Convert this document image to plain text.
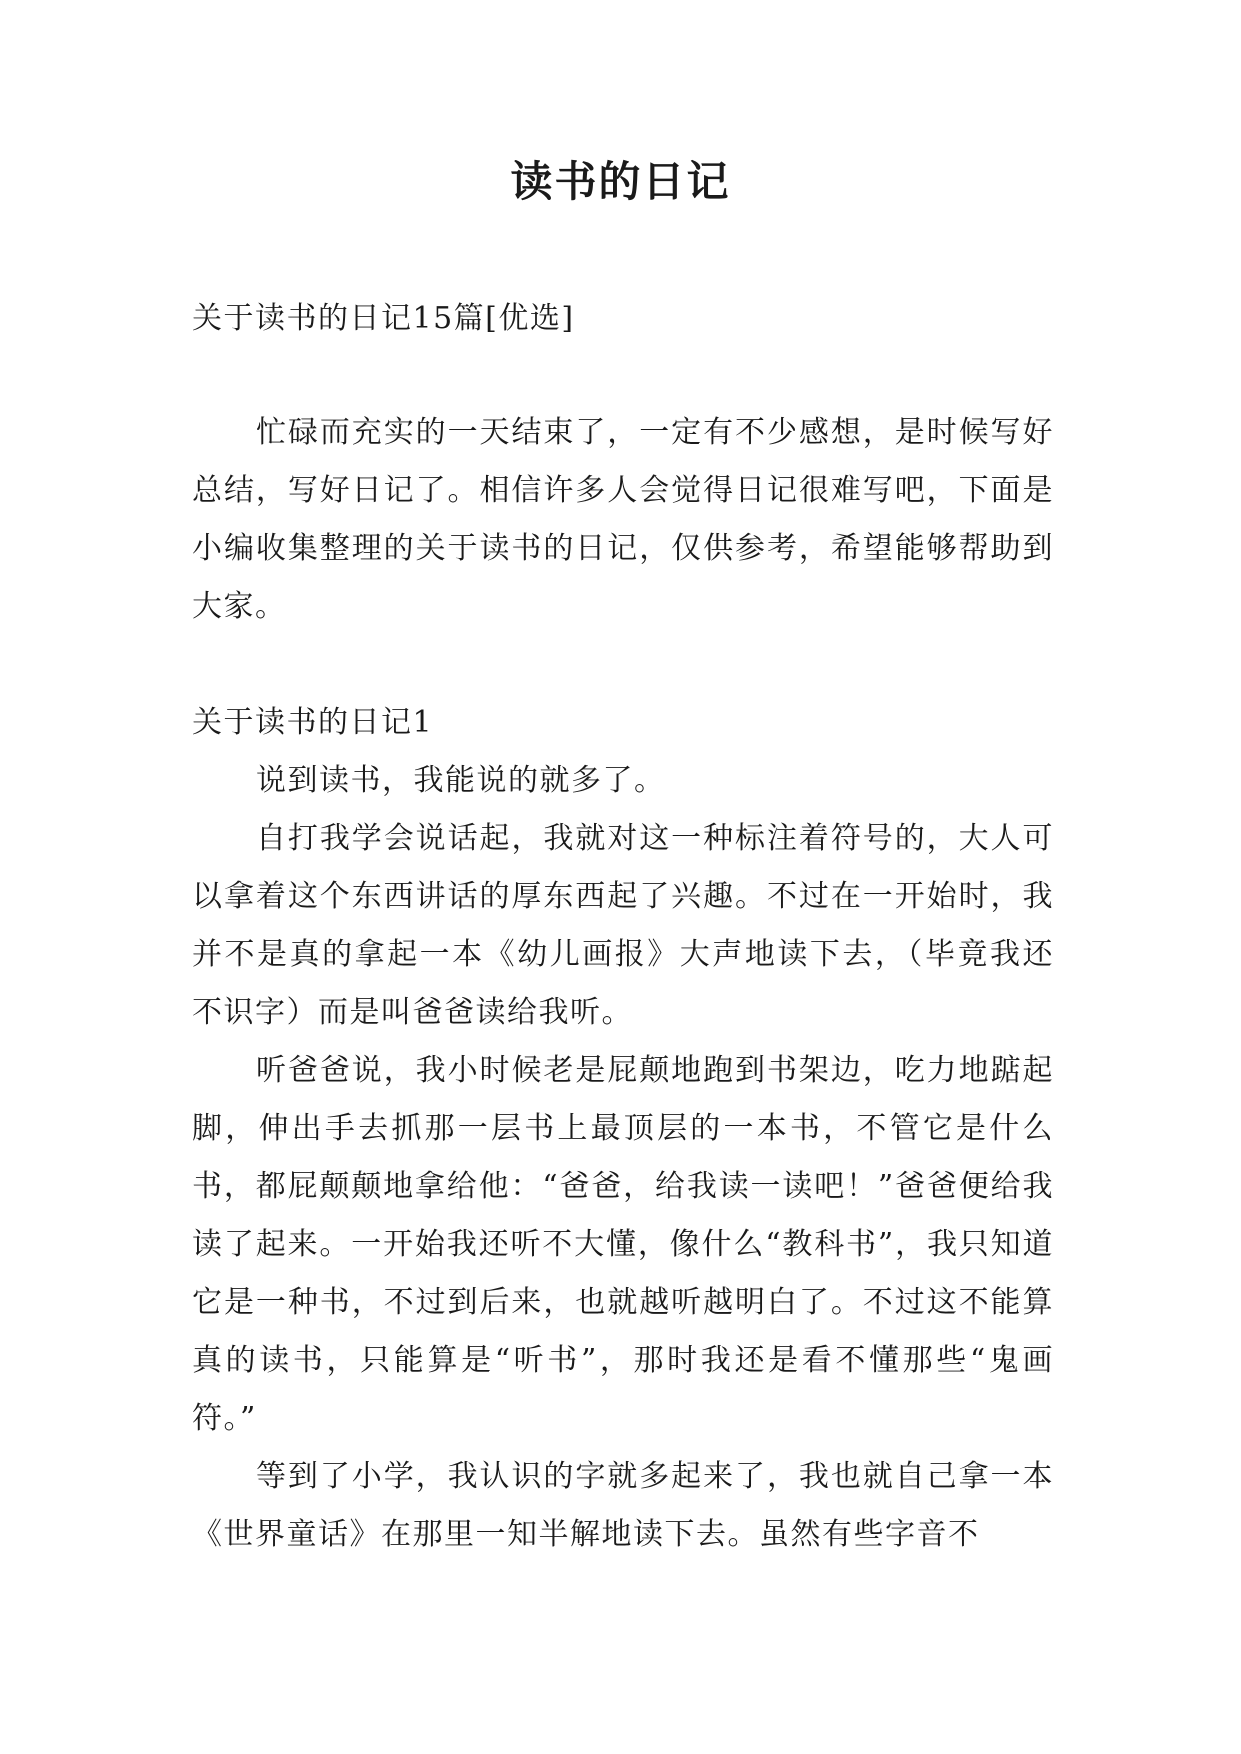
读书的日记

关于读书的日记15篇[优选]

忙碌而充实的一天结束了，一定有不少感想，是时候写好总结，写好日记了。相信许多人会觉得日记很难写吧，下面是小编收集整理的关于读书的日记，仅供参考，希望能够帮助到大家。

关于读书的日记1

说到读书，我能说的就多了。

自打我学会说话起，我就对这一种标注着符号的，大人可以拿着这个东西讲话的厚东西起了兴趣。不过在一开始时，我并不是真的拿起一本《幼儿画报》大声地读下去，（毕竟我还不识字）而是叫爸爸读给我听。

听爸爸说，我小时候老是屁颠地跑到书架边，吃力地踮起脚，伸出手去抓那一层书上最顶层的一本书，不管它是什么书，都屁颠颠地拿给他：“爸爸，给我读一读吧！”爸爸便给我读了起来。一开始我还听不大懂，像什么“教科书”，我只知道它是一种书，不过到后来，也就越听越明白了。不过这不能算真的读书，只能算是“听书”，那时我还是看不懂那些“鬼画符。”

等到了小学，我认识的字就多起来了，我也就自己拿一本《世界童话》在那里一知半解地读下去。虽然有些字音不
